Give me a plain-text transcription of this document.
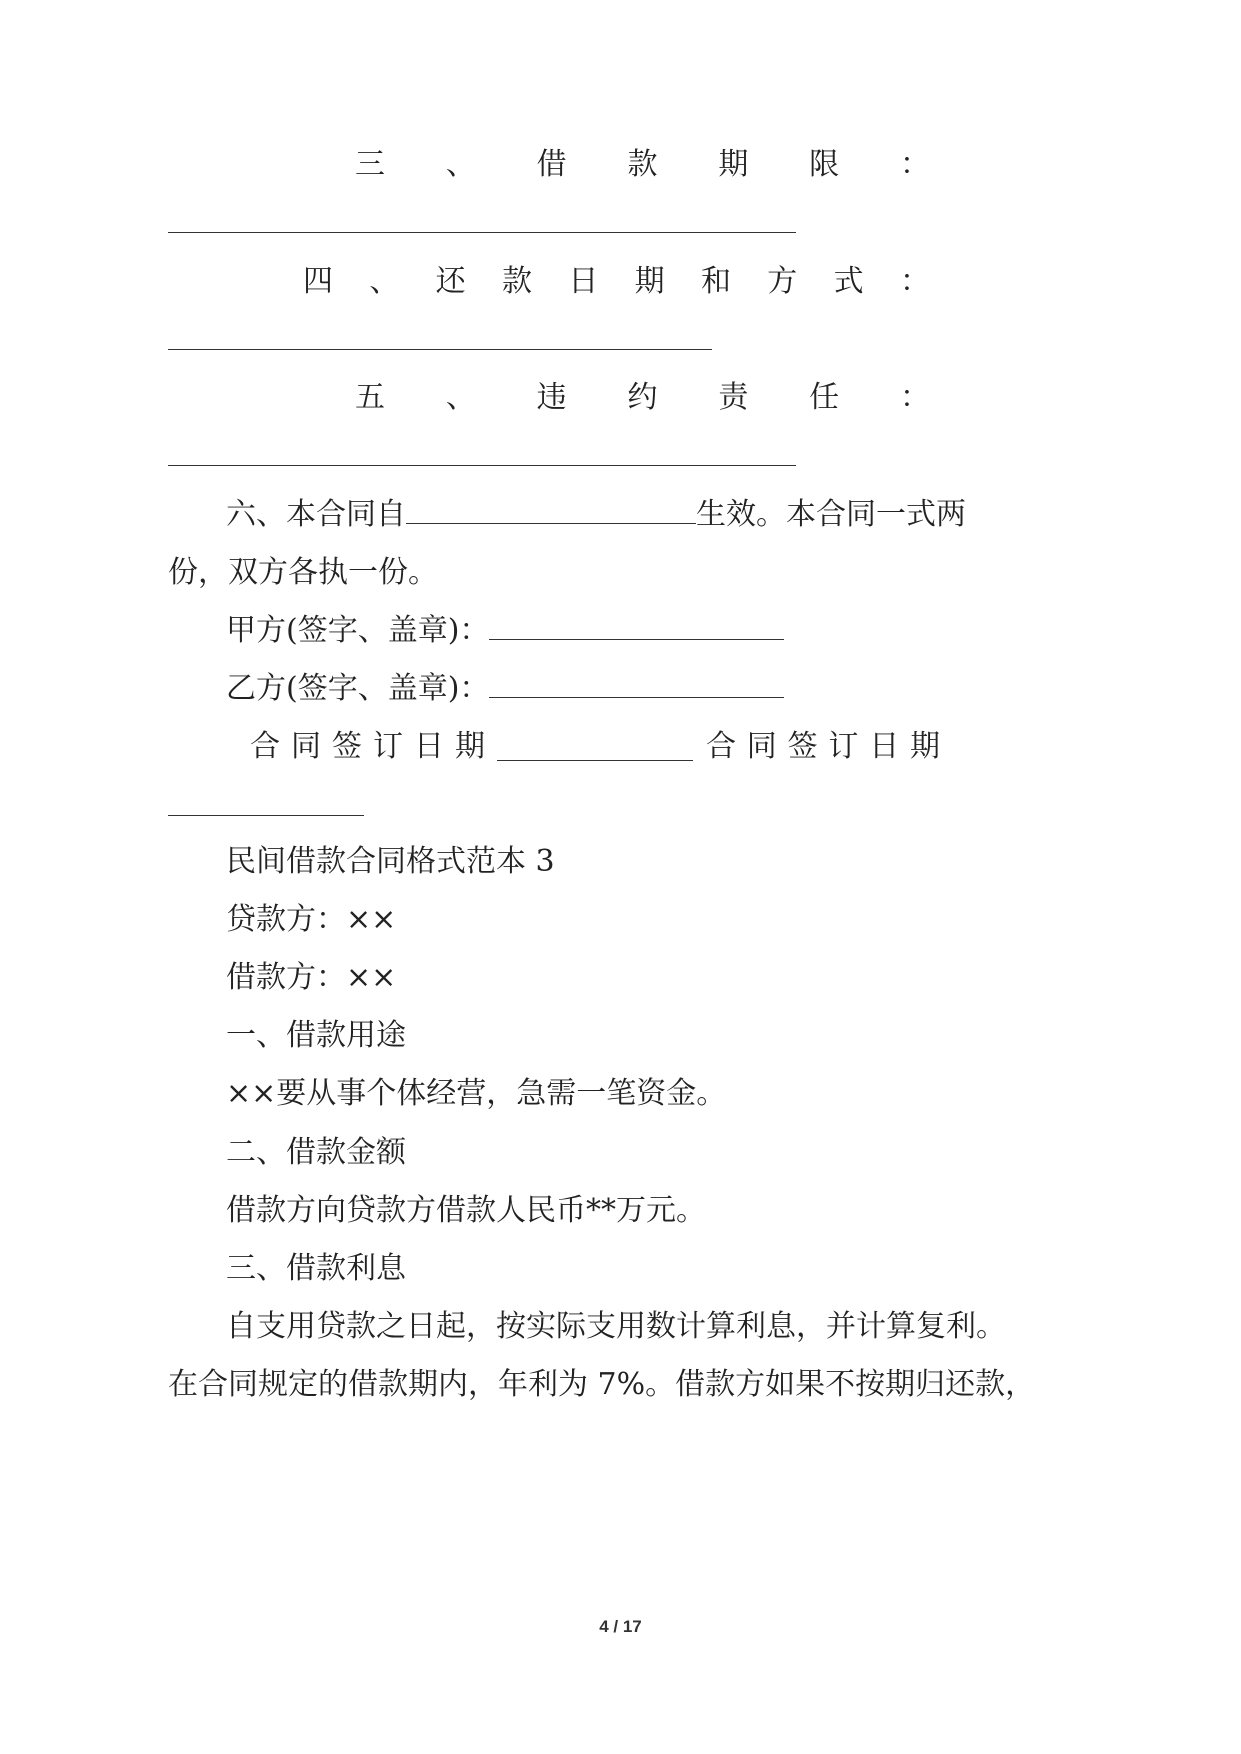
三 、 借 款 期 限 ：
四 、 还 款 日 期 和 方 式 ：
五 、 违 约 责 任 ：
六、本合同自	生效。本合同一式两
份，双方各执一份。
甲方(签字、盖章)：
乙方(签字、盖章)：
合 同 签 订 日 期	合 同 签 订 日 期
民间借款合同格式范本 3
贷款方：××
借款方：××
一、借款用途
××要从事个体经营，急需一笔资金。
二、借款金额
借款方向贷款方借款人民币**万元。
三、借款利息
自支用贷款之日起，按实际支用数计算利息，并计算复利。
在合同规定的借款期内，年利为 7%。借款方如果不按期归还款，
4 / 17
